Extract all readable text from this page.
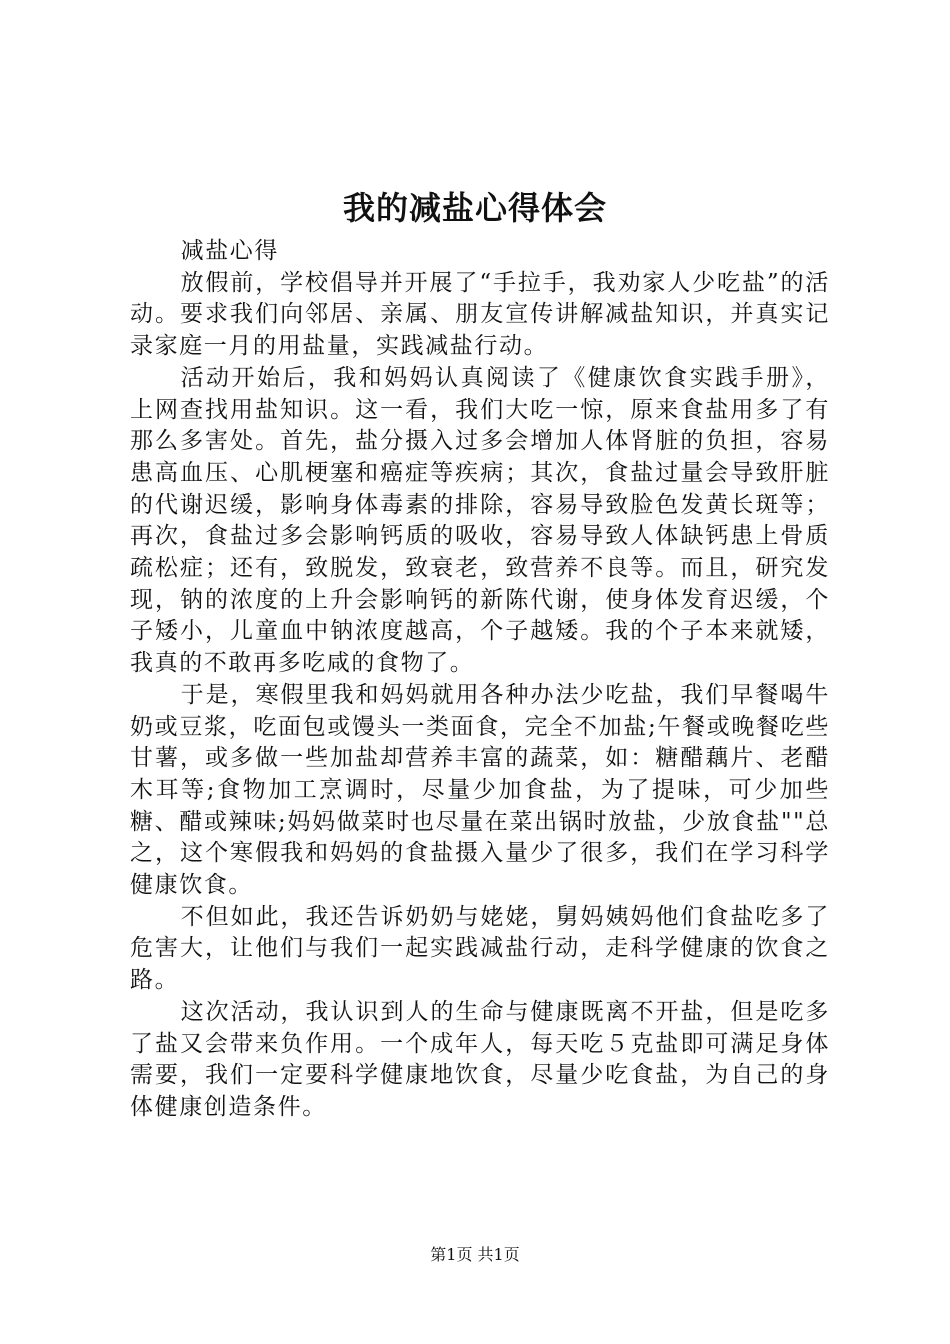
我的减盐心得体会

减盐心得

放假前，学校倡导并开展了“手拉手，我劝家人少吃盐”的活动。要求我们向邻居、亲属、朋友宣传讲解减盐知识，并真实记录家庭一月的用盐量，实践减盐行动。

活动开始后，我和妈妈认真阅读了《健康饮食实践手册》，上网查找用盐知识。这一看，我们大吃一惊，原来食盐用多了有那么多害处。首先，盐分摄入过多会增加人体肾脏的负担，容易患高血压、心肌梗塞和癌症等疾病；其次，食盐过量会导致肝脏的代谢迟缓，影响身体毒素的排除，容易导致脸色发黄长斑等；再次，食盐过多会影响钙质的吸收，容易导致人体缺钙患上骨质疏松症；还有，致脱发，致衰老，致营养不良等。而且，研究发现，钠的浓度的上升会影响钙的新陈代谢，使身体发育迟缓，个子矮小，儿童血中钠浓度越高，个子越矮。我的个子本来就矮，我真的不敢再多吃咸的食物了。

于是，寒假里我和妈妈就用各种办法少吃盐，我们早餐喝牛奶或豆浆，吃面包或馒头一类面食，完全不加盐;午餐或晚餐吃些甘薯，或多做一些加盐却营养丰富的蔬菜，如：糖醋藕片、老醋木耳等;食物加工烹调时，尽量少加食盐，为了提味，可少加些糖、醋或辣味;妈妈做菜时也尽量在菜出锅时放盐，少放食盐""总之，这个寒假我和妈妈的食盐摄入量少了很多，我们在学习科学健康饮食。

不但如此，我还告诉奶奶与姥姥，舅妈姨妈他们食盐吃多了危害大，让他们与我们一起实践减盐行动，走科学健康的饮食之路。

这次活动，我认识到人的生命与健康既离不开盐，但是吃多了盐又会带来负作用。一个成年人，每天吃５克盐即可满足身体需要，我们一定要科学健康地饮食，尽量少吃食盐，为自己的身体健康创造条件。

第1页 共1页
